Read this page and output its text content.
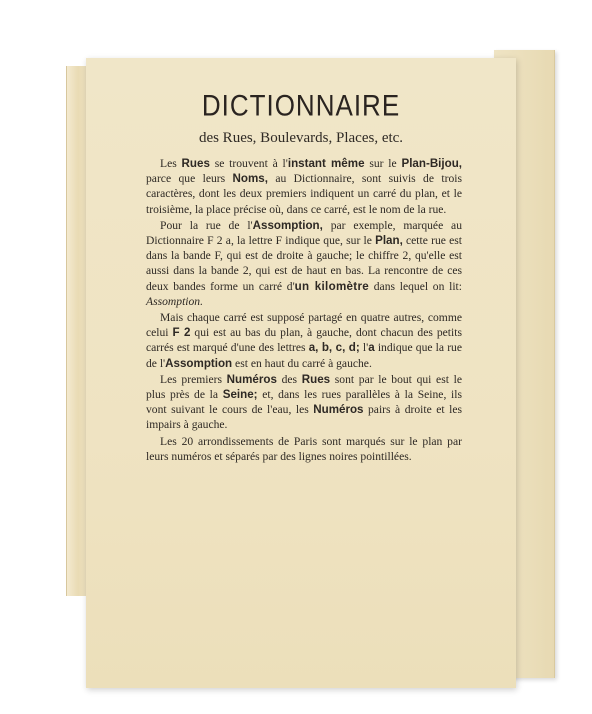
DICTIONNAIRE
des Rues, Boulevards, Places, etc.

Les Rues se trouvent à l'instant même sur le Plan-Bijou, parce que leurs Noms, au Dictionnaire, sont suivis de trois caractères, dont les deux premiers indiquent un carré du plan, et le troisième, la place précise où, dans ce carré, est le nom de la rue.

Pour la rue de l'Assomption, par exemple, marquée au Dictionnaire F 2 a, la lettre F indique que, sur le Plan, cette rue est dans la bande F, qui est de droite à gauche; le chiffre 2, qu'elle est aussi dans la bande 2, qui est de haut en bas. La rencontre de ces deux bandes forme un carré d'un kilomètre dans lequel on lit: Assomption.

Mais chaque carré est supposé partagé en quatre autres, comme celui F 2 qui est au bas du plan, à gauche, dont chacun des petits carrés est marqué d'une des lettres a, b, c, d; l'a indique que la rue de l'Assomption est en haut du carré à gauche.

Les premiers Numéros des Rues sont par le bout qui est le plus près de la Seine; et, dans les rues parallèles à la Seine, ils vont suivant le cours de l'eau, les Numéros pairs à droite et les impairs à gauche.

Les 20 arrondissements de Paris sont marqués sur le plan par leurs numéros et séparés par des lignes noires pointillées.
